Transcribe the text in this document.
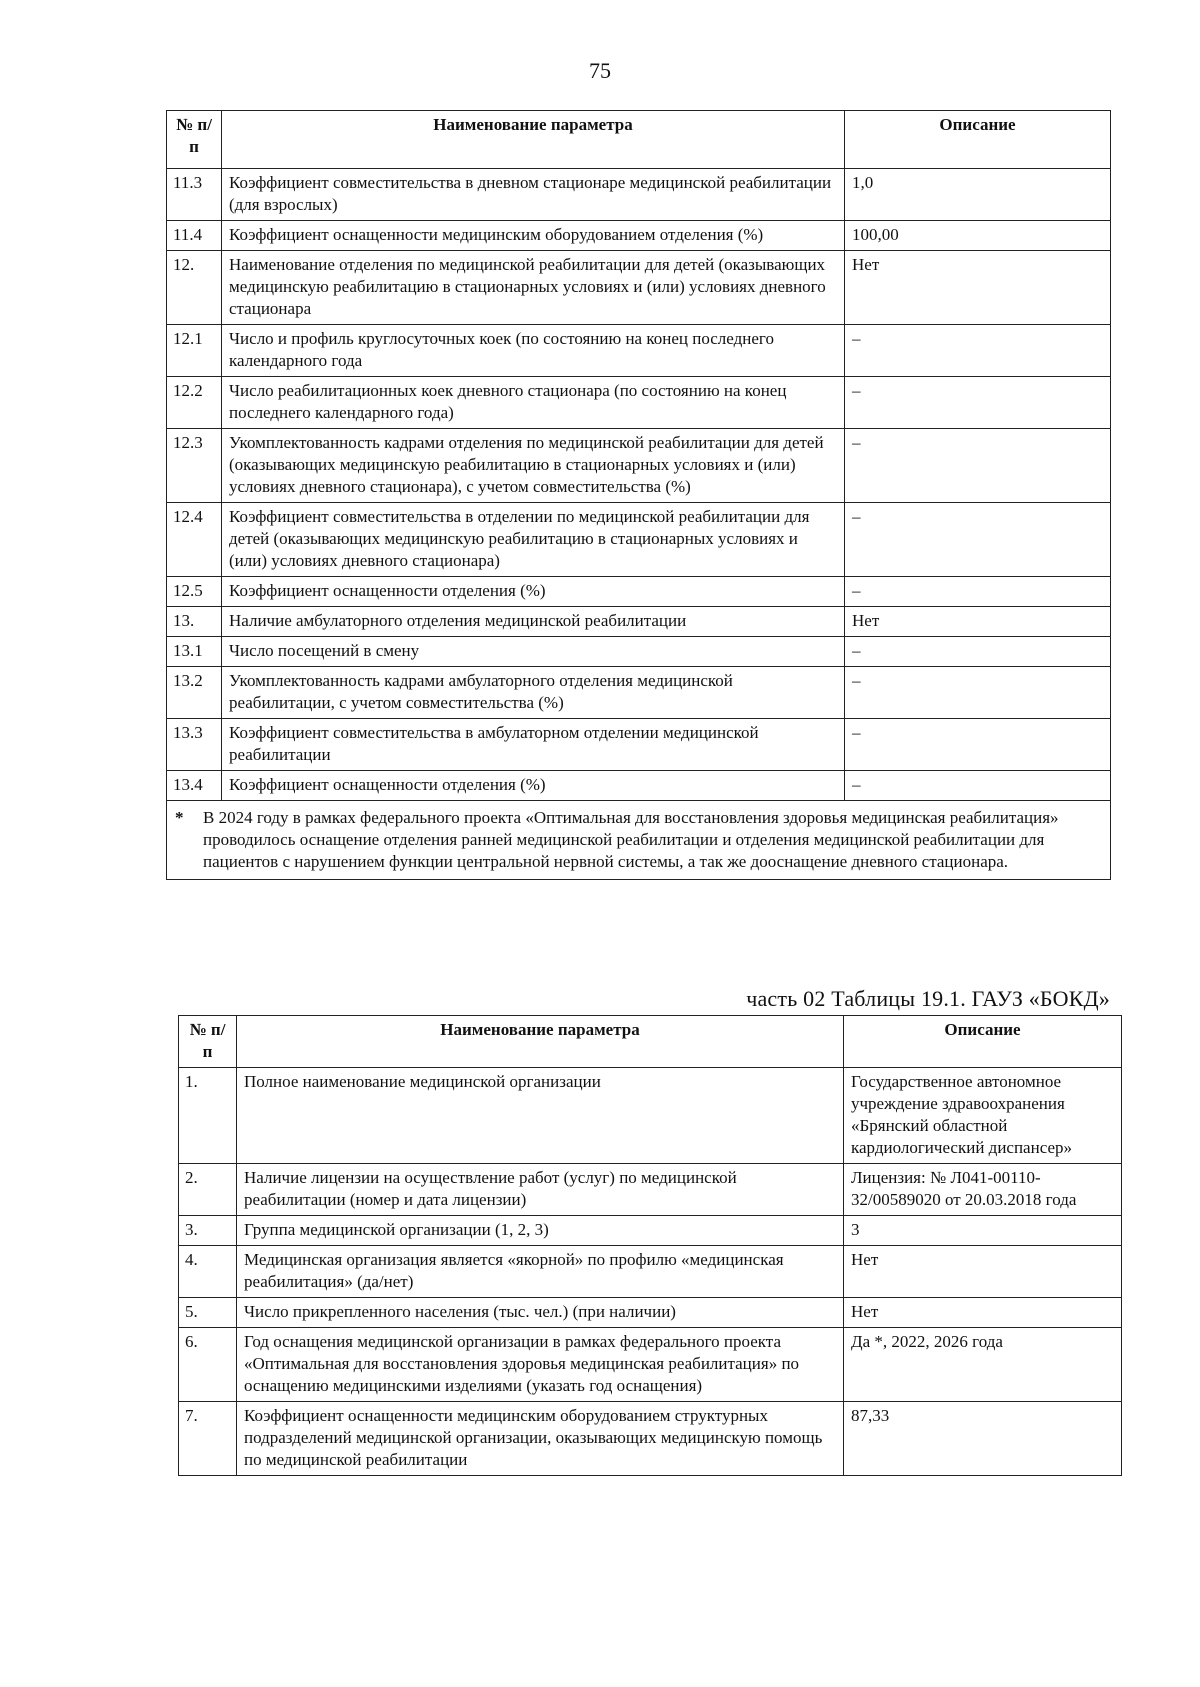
75
№ п/п	Наименование параметра	Описание
11.3	Коэффициент совместительства в дневном стационаре медицинской реабилитации (для взрослых)	1,0
11.4	Коэффициент оснащенности медицинским оборудованием отделения (%)	100,00
12.	Наименование отделения по медицинской реабилитации для детей (оказывающих медицинскую реабилитацию в стационарных условиях и (или) условиях дневного стационара	Нет
12.1	Число и профиль круглосуточных коек (по состоянию на конец последнего календарного года	–
12.2	Число реабилитационных коек дневного стационара (по состоянию на конец последнего календарного года)	–
12.3	Укомплектованность кадрами отделения по медицинской реабилитации для детей (оказывающих медицинскую реабилитацию в стационарных условиях и (или) условиях дневного стационара), с учетом совместительства (%)	–
12.4	Коэффициент совместительства в отделении по медицинской реабилитации для детей (оказывающих медицинскую реабилитацию в стационарных условиях и (или) условиях дневного стационара)	–
12.5	Коэффициент оснащенности отделения (%)	–
13.	Наличие амбулаторного отделения медицинской реабилитации	Нет
13.1	Число посещений в смену	–
13.2	Укомплектованность кадрами амбулаторного отделения медицинской реабилитации, с учетом совместительства (%)	–
13.3	Коэффициент совместительства в амбулаторном отделении медицинской реабилитации	–
13.4	Коэффициент оснащенности отделения (%)	–
* В 2024 году в рамках федерального проекта «Оптимальная для восстановления здоровья медицинская реабилитация» проводилось оснащение отделения ранней медицинской реабилитации и отделения медицинской реабилитации для пациентов с нарушением функции центральной нервной системы, а так же дооснащение дневного стационара.		
часть 02 Таблицы 19.1. ГАУЗ «БОКД»
№ п/п	Наименование параметра	Описание
1.	Полное наименование медицинской организации	Государственное автономное учреждение здравоохранения «Брянский областной кардиологический диспансер»
2.	Наличие лицензии на осуществление работ (услуг) по медицинской реабилитации (номер и дата лицензии)	Лицензия: № Л041-00110-32/00589020 от 20.03.2018 года
3.	Группа медицинской организации (1, 2, 3)	3
4.	Медицинская организация является «якорной» по профилю «медицинская реабилитация» (да/нет)	Нет
5.	Число прикрепленного населения (тыс. чел.) (при наличии)	Нет
6.	Год оснащения медицинской организации в рамках федерального проекта «Оптимальная для восстановления здоровья медицинская реабилитация» по оснащению медицинскими изделиями (указать год оснащения)	Да *, 2022, 2026 года
7.	Коэффициент оснащенности медицинским оборудованием структурных подразделений медицинской организации, оказывающих медицинскую помощь по медицинской реабилитации	87,33
